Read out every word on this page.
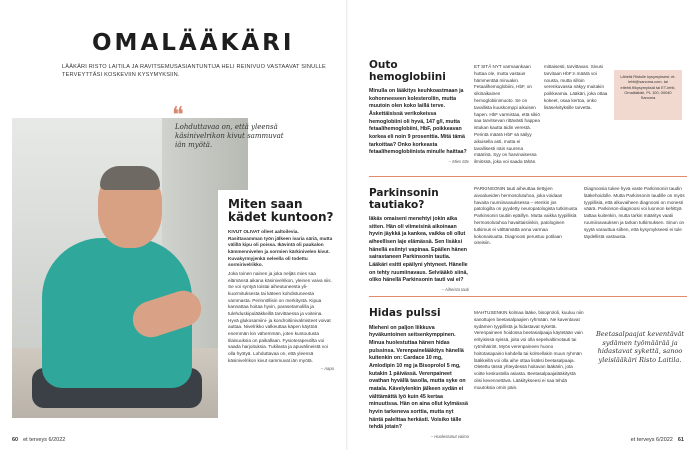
OMALÄÄKÄRI

LÄÄKÄRI RISTO LAITILA JA RAVITSEMUSASIANTUNTIJA HELI REINIVUO VASTAAVAT SINULLE TERVEYTTÄSI KOSKEVIIN KYSYMYKSIIN.

❝

Lohduttavaa on, että yleensä käsinivelrikon kivut sammuvat iän myötä.

Miten saan kädet kuntoon?

KIVUT OLIVAT olleet aaltoilevia. Rasittavamman työn jälkeen ivaria säriä, mutta välillä kipu oli poissa. Ikävintä oli paukalon kämmennivelen ja sormien kärkinivelen kivut. Kuvakyrmyjenkä neleella oli todettu sormirivelrikko.

Joka toinen nainen ja joka neljäs mies saa elämänsä aikana käsinivelrikon, yleinen vaiva siis. Se voi syntyä toistai aiheutuneesta ylikuormituksesta tai käteen kohdistuneesta vammasta. Perinnöllisin on merkitystä. Kipua kannattaa hoitaa hyvin, parasetamolilla ja tulehduskipulääkkeillä tarvittaessa ja voiteina. Hyvä glukosamiini- ja kondroitiinivalmisteet voivat auttaa. Nivelrikko valkeuttaa käpen käyttöä enemmän kin vähemmän, joten kuntoutusta tilaisuuksia on paikallaan. Fysioterapeutilta voi saada harjoituksia. Tukilasta ja apuvälineistä voi olla hyötyä. Lohduttavaa on, että yleensä käsinivelrikon kivut sammuvat iän myötä.

– Aapo

60 et terveys 6/2022
Outo hemoglobiini

Minulla on lääkitys keuhkoastmaan ja kohonneeseen kolesteroliin, mutta muutoin olen koko laillä terve. Äskettäisissä verikokeissa hemoglobiini oli hyvä, 147 g/l, mutta fetaalihemoglobiini, HbF, poikkeavan korkea eli noin 9 prosenttia. Mitä tämä tarkoittaa? Onko korkeasta fetaalihemoglobiinista minulle haittaa?

– Mies 60v

ET SITÄ NYT varmaankaan huttaa ole, mutta vastaus hämmentää minuakin. Fetaalihemoglobiini, HbF, on sikiöaikainen hemoglobiinimuoto. Se on tavallista kuuskomppi aikuisen hapen. HbF varmistaa, että sikiö saa tarvitsevan rittävästi happea istukan kautta äidin verestä. Perintä määrä HbF sä säilyy aikuisella asti, mutta ei tavallisesti näin suurena määrinä. Syy on harvinaisessa ilmiössä, joka voi saada tähän.

mittaisesti, tarvittavan. Sivusi tarvitaan HbF:n määrä voi nousta, mutta silloin verenkuvassa näkyy muitakin poikkeamia. Lääkäri, joka ottaa kokeet, osaa kertoa, onko lisäselvityksille tarvetta.

Lähetä Ristolle kysymyksesi: et-lehti@sanoma.com, tai etlehti.fi/kysymyksiä tai ET-lehti, Omalääkäri, PL 100, 00040 Sanoma
Parkinsonin tautiako?

Iäkäs omaiseni menehtyi jokin aika sitten. Hän oli viimeisinä aikoinaan hyvin jäykkä ja kankea, vaikka oli ollut aiheellisen laje elämässä. Sen lisäksi hänellä esiintyi vapinaa. Epäilen hänen sairastaneen Parkinsonin tautia. Lääkäri esitti epäilyni yhtyneet. Hänelle on tehty ruumiinavaus. Selviääkö siinä, oliko hänellä Parkinsonin tauti vai ei?

– Aiheista tauti

PARKINSONIN tauti aiheuttaa tiettyjen aivoalueiden hermosolutuhoa, joka voidaan havaita ruumiinavauksessa – etenkin jos patologilta on pyydetty neuropatologista tutkimusta Parkinsonin tautiin epäillyn. Mutta vaikka tyypillisiä hermosolutuhoa havaittaisiinkin, patologinen tutkimus ei välttämättä anna varmaa kokonaisuutta. Diagnoosi perustuu potilaan oireisiin.

Diagnoosia tukee hyvä vaste Parkinsonin taudin lääkehoidolle. Mutta Parkinsonin taudille on myös tyypillisiä, että alkuvaiheen diagnoosi on monesti väärä. Parkinson-diagnoosi voi luonnon kehittyä taittaa kuitenkin, mutta tarkin määritys vaatii ruumiinavauksen ja tarkan tutkimuksen. Sinun on syytä varauttua siihen, että kysymykseesi ei tule täydellistä vastausta.

Hidas pulssi

Mieheni on paljon liikkuva hyväkuntoinen seitsenkymppinen. Minua huolestuttaa hänen hidas pulssinsa. Verenpainelääkitys hänellä kuitenkin on: Cardace 10 mg, Amlodipin 10 mg ja Bisoprolol 5 mg, kutakin 1 päivässä. Verenpaineet ovathan hyvällä tasolla, mutta syke on matala. Kävelylenkin jälkeen sydän ei välttämättä lyö kuin 45 kertaa minuutissa. Hän on aina ollut kylmässä hyvin tarkeneva sorttia, mutta nyt häntä palelttaa herkästi. Voisiko tälle tehdä jotain?

– Huolestunut vaimo

MAHTUSENKIN kolmaa lääke, bisoprololi, kuuluu niin sanottujen beetasalpaajien ryhmään. Ne kaventavat sydämen tyypillistä ja hidastavat sykettä. Verenpaineen hoidossa beetasalpaaja käytetään vain erityisissä syissä, joita voi olla sepelvaltimotauti tai rytmihäiriöt. Myös verenpaineen huono hoitotasapaino kahdella tai kolmellakin muun ryhmän lääkkeillä voi olla aihe ottaa lisäksi beetasalpaaja. Oletettu tässä yhteydessä hoitavan lääkärin, jota voitte keskustella asiasta. Beetasalpaajalääkitystä olisi kevennettävä. Lääkitykseesi ei saa tehdä muutoksia omin päin.

Beetasalpaajat keventävät sydämen työmäärää ja hidastavat sykettä, sanoo yleislääkäri Risto Laitila.

et terveys 6/2022 61
